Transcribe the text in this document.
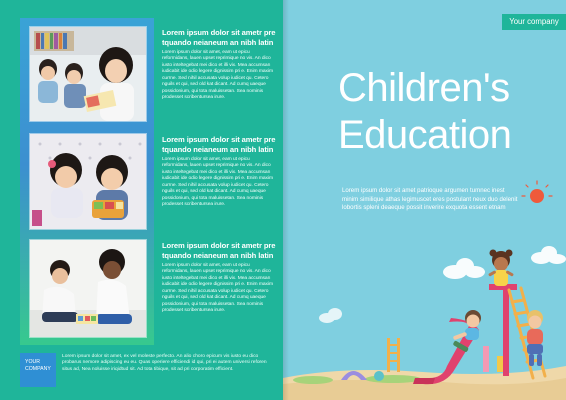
Lorem ipsum dolor sit ametr pre tquando neianeum an nibh latin
Lorem ipsum dolor sit amet, eam ut epicu reformidans, lauen upset reprimique no vis. An dico iusto inteltegebat mei dico et illi vix. Mea accumsan iudicabit ide odio legere dignissim pri e. Enim maxim currne. Sed nihil accusata volup iudicet qu. Cetero nguils et qui, sed old kat dicant. Ad cumq uaeque possidonium, qui tota maluissetan. Sea nominis prodesset scribentursea irure.
Lorem ipsum dolor sit ametr pre tquando neianeum an nibh latin
Lorem ipsum dolor sit amet, eam ut epicu reformidans, lauen upset reprimique no vis. An dico iusto inteltegebat mei dico et illi vix. Mea accumsan iudicabit ide odio legere dignissim pri e. Enim maxim currne. Sed nihil accusata volup iudicet qu. Cetero nguils et qui, sed old kat dicant. Ad cumq uaeque possidonium, qui tota maluissetan. Sea nominis prodesset scribentursea irure.
Lorem ipsum dolor sit ametr pre tquando neianeum an nibh latin
Lorem ipsum dolor sit amet, eam ut epicu reformidans, lauen upset reprimique no vis. An dico iusto inteltegebat mei dico et illi vix. Mea accumsan iudicabit ide odio legere dignissim pri e. Enim maxim currne. Sed nihil accusata volup iudicet qu. Cetero nguils et qui, sed old kat dicant. Ad cumq uaeque possidonium, qui tota maluissetan. Sea nominis prodesset scribentursea irure.
YOUR
COMPANY
Lorem ipsum dolor sit amet, ex vel moleste perfecto. An alio choro epicum vis iusto eu dico probarus nemore adipiscing eu eu. Quas operiere efficiendi id qui, pri ei autem universi reforen situs ad, Nea noluisse iriqidtud sit. Ad tota tibique, sit ad pri corporatim efficient.
Your company
Children's
Education
Lorem ipsum dolor sit amet patrioque argumen tumnec inest minim similique athas legimuscet eres postulant neux duo delenit lobortis spleni deaeque possit inverire exquota essent etnam
